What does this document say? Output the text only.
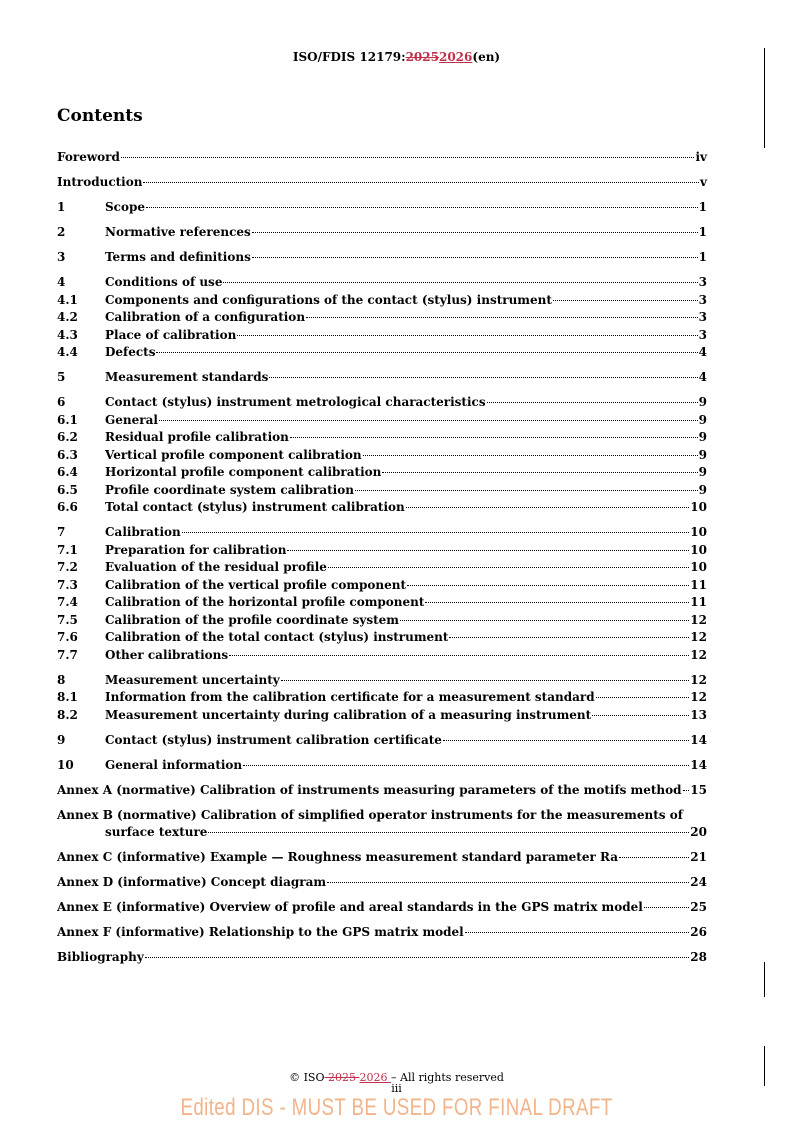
ISO/FDIS 12179:20252026(en)
Contents
Foreword	iv
Introduction	v
1	Scope	1
2	Normative references	1
3	Terms and definitions	1
4	Conditions of use	3
4.1	Components and configurations of the contact (stylus) instrument	3
4.2	Calibration of a configuration	3
4.3	Place of calibration	3
4.4	Defects	4
5	Measurement standards	4
6	Contact (stylus) instrument metrological characteristics	9
6.1	General	9
6.2	Residual profile calibration	9
6.3	Vertical profile component calibration	9
6.4	Horizontal profile component calibration	9
6.5	Profile coordinate system calibration	9
6.6	Total contact (stylus) instrument calibration	10
7	Calibration	10
7.1	Preparation for calibration	10
7.2	Evaluation of the residual profile	10
7.3	Calibration of the vertical profile component	11
7.4	Calibration of the horizontal profile component	11
7.5	Calibration of the profile coordinate system	12
7.6	Calibration of the total contact (stylus) instrument	12
7.7	Other calibrations	12
8	Measurement uncertainty	12
8.1	Information from the calibration certificate for a measurement standard	12
8.2	Measurement uncertainty during calibration of a measuring instrument	13
9	Contact (stylus) instrument calibration certificate	14
10	General information	14
Annex A (normative) Calibration of instruments measuring parameters of the motifs method 15
Annex B (normative) Calibration of simplified operator instruments for the measurements of
surface texture	20
Annex C (informative) Example — Roughness measurement standard parameter Ra	21
Annex D (informative) Concept diagram	24
Annex E (informative) Overview of profile and areal standards in the GPS matrix model	25
Annex F (informative) Relationship to the GPS matrix model	26
Bibliography	28
© ISO 2025 2026 – All rights reserved
iii
Edited DIS - MUST BE USED FOR FINAL DRAFT
